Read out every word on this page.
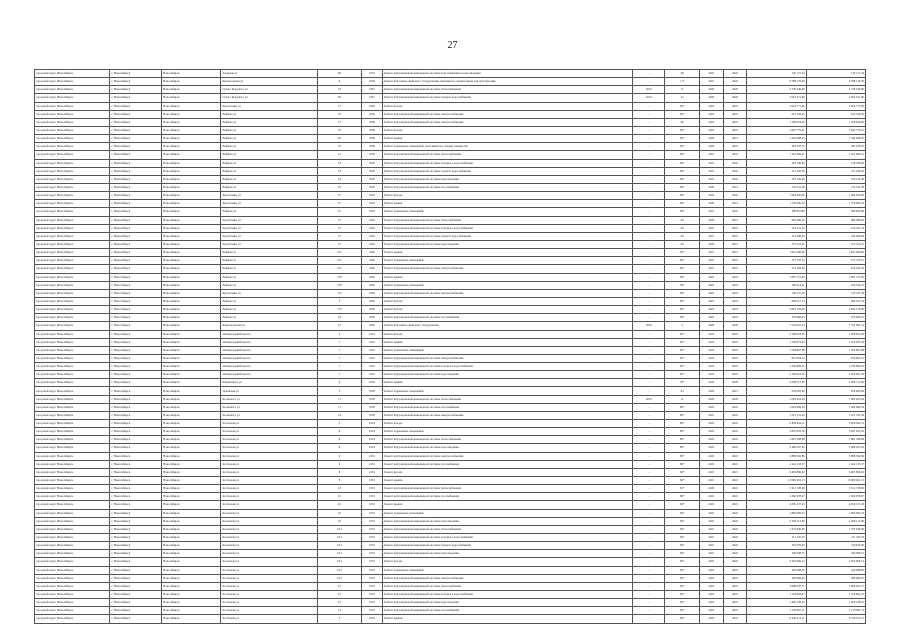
27
городской округ Новосибирск	г. Новосибирск	Новосибирск	Азовская ул	90	1953	Ремонт внутридомовой инженерной системы водоснабжения и водоотведения	-	60	2022	2022	130 177,24	130 177,24
городской округ Новосибирск	г. Новосибирск	Новосибирск	Краснообская ул	9	1959	Ремонт или замена лифтового оборудования, признанного непригодным для эксплуатации	-	11*	2021	2022	6 788 179,59	6 788 179,59
городской округ Новосибирск	г. Новосибирск	Новосибирск	Сухого Бердского ул	16	1967	Ремонт внутридомовой инженерной системы теплоснабжения	2019	11	2020	2020	4 739 540,00	4 739 540,00
городской округ Новосибирск	г. Новосибирск	Новосибирск	Сухого Бердского ул	60	1967	Ремонт внутридомовой инженерной системы горячего водоснабжения	2019	21	2020	2020	5 022 471,60	5 022 471,60
городской округ Новосибирск	г. Новосибирск	Новосибирск	Кропоткина ул	17	1948	Ремонт фасада	-	84*	2022	2022	2 924 771,00	2 924 771,00
городской округ Новосибирск	г. Новосибирск	Новосибирск	Войкова ул	25	1956	Ремонт внутридомовой инженерной системы электроснабжения	-	84*	2022	2022	612 356,45	612 356,45
городской округ Новосибирск	г. Новосибирск	Новосибирск	Войкова ул	17	1958	Ремонт внутридомовой инженерной системы электроснабжения	-	60	2022	2022	1 108 654,00	1 108 654,00
городской округ Новосибирск	г. Новосибирск	Новосибирск	Войкова ул	25	1958	Ремонт фасада	-	84*	2022	2022	1 645 779,21	1 645 779,21
городской округ Новосибирск	г. Новосибирск	Новосибирск	Войкова ул	26	1958	Ремонт крыши	-	84*	2020	2021	1 344 668,45	1 344 668,45
городской округ Новосибирск	г. Новосибирск	Новосибирск	Войкова ул	25	1958	Ремонт подвальных помещений, относящихся к общему имуществу	-	84*	2020	2022	283 478,76	283 478,76
городской округ Новосибирск	г. Новосибирск	Новосибирск	Войкова ул	21	1958	Ремонт внутридомовой инженерной системы теплоснабжения	-	84*	2021	2022	1 181 669,41	1 181 669,41
городской округ Новосибирск	г. Новосибирск	Новосибирск	Войкова ул	23	1958	Ремонт внутридомовой инженерной системы холодного водоснабжения	-	84*	2021	2022	218 766,90	218 766,90
городской округ Новосибирск	г. Новосибирск	Новосибирск	Войкова ул	23	1958	Ремонт внутридомовой инженерной системы горячего водоснабжения	-	84*	2021	2022	311 226,50	311 226,50
городской округ Новосибирск	г. Новосибирск	Новосибирск	Войкова ул	24	1958	Ремонт внутридомовой инженерной системы водоотведения	-	84*	2021	2022	379 120,49	379 120,49
городской округ Новосибирск	г. Новосибирск	Новосибирск	Войкова ул	25	1958	Ремонт внутридомовой инженерной системы газоснабжения	-	84*	2020	2021	132 541,38	132 541,38
городской округ Новосибирск	г. Новосибирск	Новосибирск	Кропоткина ул	27	1959	Ремонт фасада	-	84*	2022	2022	1 994 650,00	1 994 650,00
городской округ Новосибирск	г. Новосибирск	Новосибирск	Кропоткина ул	27	1959	Ремонт крыши	-	84*	2020	2021	1 756 606,32	1 756 606,32
городской округ Новосибирск	г. Новосибирск	Новосибирск	Войкова ул	27	1959	Ремонт подвальных помещений	-	84*	2021	2022	380 852,86	380 852,86
городской округ Новосибирск	г. Новосибирск	Новосибирск	Кропоткина ул	27	1959	Ремонт внутридомовой инженерной системы теплоснабжения	-	60	2020	2021	966 480,20	966 480,20
городской округ Новосибирск	г. Новосибирск	Новосибирск	Кропоткина ул	27	1959	Ремонт внутридомовой инженерной системы холодного водоснабжения	-	60	2022	2022	219 321,54	219 321,54
городской округ Новосибирск	г. Новосибирск	Новосибирск	Кропоткина ул	27	1959	Ремонт внутридомовой инженерной системы горячего водоснабжения	-	60	2021	2022	314 008,09	314 008,09
городской округ Новосибирск	г. Новосибирск	Новосибирск	Кропоткина ул	27	1959	Ремонт внутридомовой инженерной системы водоотведения	-	60	2020	2021	372 523,21	372 523,21
городской округ Новосибирск	г. Новосибирск	Новосибирск	Войкова ул	27а	1960	Ремонт крыши	-	30*	2021	2021	1 841 000,00	1 841 000,00
городской округ Новосибирск	г. Новосибирск	Новосибирск	Войкова ул	27а	1960	Ремонт подвальных помещений	-	84*	2022	2022	157 370,15	157 370,15
городской округ Новосибирск	г. Новосибирск	Новосибирск	Войкова ул	27а	1960	Ремонт внутридомовой инженерной системы электроснабжения	-	84*	2021	2022	274 183,92	274 183,92
городской округ Новосибирск	г. Новосибирск	Новосибирск	Войкова ул	27б	1956	Ремонт крыши	-	84*	2022	2022	1 087 751,90	1 087 751,90
городской округ Новосибирск	г. Новосибирск	Новосибирск	Войкова ул	27б	1956	Ремонт подвальных помещений	-	30*	2022	2022	100 614,21	100 614,21
городской округ Новосибирск	г. Новосибирск	Новосибирск	Кропоткина ул	17а	1948	Ремонт внутридомовой инженерной системы электроснабжения	-	84*	2022	2022	130 337,39	130 337,39
городской округ Новосибирск	г. Новосибирск	Новосибирск	Войкова ул	5	1956	Ремонт фасада	-	60*	2021	2022	609 017,74	609 017,74
городской округ Новосибирск	г. Новосибирск	Новосибирск	Войкова ул	17б	1958	Ремонт фасада	-	60*	2023	2023	2 843 178,00	2 843 178,00
городской округ Новосибирск	г. Новосибирск	Новосибирск	Войкова ул	18	1958	Ремонт внутридомовой инженерной системы газоснабжения	-	84*	2022	2022	479 666,25	479 666,25
городской округ Новосибирск	г. Новосибирск	Новосибирск	Комсомольская ул	21	1956	Ремонт или замена лифтового оборудования	2020	5	2020	2020	7 532 091,14	7 532 091,14
городской округ Новосибирск	г. Новосибирск	Новосибирск	Ленинградский проезд	5	1953	Ремонт фасада	-	65*	2022	2022	2 708 953,00	2 708 953,00
городской округ Новосибирск	г. Новосибирск	Новосибирск	Ленинградский проезд	7	1952	Ремонт крыши	-	65*	2022	2022	1 109 875,43	1 109 875,43
городской округ Новосибирск	г. Новосибирск	Новосибирск	Ленинградский проезд	7	1952	Ремонт подвальных помещений	-	65*	2022	2022	1 504 867,68	1 504 867,68
городской округ Новосибирск	г. Новосибирск	Новосибирск	Ленинградский проезд	7	1952	Ремонт внутридомовой инженерной системы электроснабжения	-	65*	2022	2022	816 603,12	816 603,12
городской округ Новосибирск	г. Новосибирск	Новосибирск	Ленинградский проезд	7	1952	Ремонт внутридомовой инженерной системы холодного водоснабжения	-	65*	2022	2022	1 230 809,19	1 230 809,19
городской округ Новосибирск	г. Новосибирск	Новосибирск	Ленинградский проезд	7	1952	Ремонт внутридомовой инженерной системы водоотведения	-	65*	2022	2022	2 169 991,39	2 169 991,39
городской округ Новосибирск	г. Новосибирск	Новосибирск	Карпинского ул	9	1956	Ремонт крыши	-	30*	2020	2020	4 508 717,00	4 508 717,00
городской округ Новосибирск	г. Новосибирск	Новосибирск	Деповская ул	5	1956	Ремонт подвальных помещений	-	65	2020	2021	639 002,00	639 002,00
городской округ Новосибирск	г. Новосибирск	Новосибирск	Котовского ул	17	1958	Ремонт внутридомовой инженерной системы теплоснабжения	2019	11	2020	2020	1 083 423,29	1 083 423,29
городской округ Новосибирск	г. Новосибирск	Новосибирск	Котовского ул	17	1958	Ремонт внутридомовой инженерной системы газоснабжения	-	60*	2022	2022	1 694 689,59	1 694 689,59
городской округ Новосибирск	г. Новосибирск	Новосибирск	Котовского ул	19	1958	Ремонт внутридомовой инженерной системы электроснабжения	-	60*	2021	2022	1 251 331,42	1 251 331,42
городской округ Новосибирск	г. Новосибирск	Новосибирск	Костычева ул	5	1954	Ремонт фасада	-	84*	2022	2022	9 856 922,11	9 856 922,11
городской округ Новосибирск	г. Новосибирск	Новосибирск	Костычева ул	6	1954	Ремонт подвальных помещений	-	84*	2022	2022	3 847 825,50	3 847 825,50
городской округ Новосибирск	г. Новосибирск	Новосибирск	Костычева ул	6	1954	Ремонт внутридомовой инженерной системы теплоснабжения	-	80*	2022	2022	1 891 398,68	1 891 398,68
городской округ Новосибирск	г. Новосибирск	Новосибирск	Костычева ул	6	1954	Ремонт внутридомовой инженерной системы водоотведения	-	80*	2022	2022	2 486 297,62	2 486 297,62
городской округ Новосибирск	г. Новосибирск	Новосибирск	Костычева ул	6	1954	Ремонт внутридомовой инженерной системы электроснабжения	-	80*	2022	2022	5 888 392,86	5 888 392,86
городской округ Новосибирск	г. Новосибирск	Новосибирск	Костычева ул	6	1954	Ремонт внутридомовой инженерной системы газоснабжения	-	80*	2022	2022	1 442 133,37	1 442 133,37
городской округ Новосибирск	г. Новосибирск	Новосибирск	Костычева ул	8	1954	Ремонт фасада	-	84*	2021	2021	9 465 866,62	9 465 866,62
городской округ Новосибирск	г. Новосибирск	Новосибирск	Костычева ул	8	1953	Ремонт крыши	-	84*	2021	2022	13 000 491,13	13 000 491,13
городской округ Новосибирск	г. Новосибирск	Новосибирск	Костычева ул	10	1953	Ремонт внутридомовой инженерной системы теплоснабжения	-	81*	2020	2022	5 911 728,69	5 911 728,69
городской округ Новосибирск	г. Новосибирск	Новосибирск	Костычева ул	10	1953	Ремонт внутридомовой инженерной системы газоснабжения	-	80*	2021	2022	1 360 978,67	1 360 978,67
городской округ Новосибирск	г. Новосибирск	Новосибирск	Костычева ул	10	1953	Ремонт крыши	-	84*	2022	2022	4 659 137,43	4 659 137,43
городской округ Новосибирск	г. Новосибирск	Новосибирск	Костычева ул	10	1953	Ремонт подвальных помещений	-	84*	2022	2022	1 866 669,33	1 866 669,33
городской округ Новосибирск	г. Новосибирск	Новосибирск	Костычева ул	10	1953	Ремонт внутридомовой инженерной системы водоотведения	-	84*	2022	2022	2 206 117,00	2 206 117,00
городской округ Новосибирск	г. Новосибирск	Новосибирск	Костычева ул	10/1	1953	Ремонт внутридомовой инженерной системы теплоснабжения	-	84*	2021	2022	1 275 930,96	1 275 930,96
городской округ Новосибирск	г. Новосибирск	Новосибирск	Костычева ул	10/1	1953	Ремонт внутридомовой инженерной системы холодного водоснабжения	-	84*	2021	2022	211 345,70	211 345,70
городской округ Новосибирск	г. Новосибирск	Новосибирск	Костычева ул	10/1	1953	Ремонт внутридомовой инженерной системы горячего водоснабжения	-	84*	2021	2022	310 679,20	310 679,20
городской округ Новосибирск	г. Новосибирск	Новосибирск	Костычева ул	10/1	1953	Ремонт внутридомовой инженерной системы водоотведения	-	84*	2021	2022	340 008,75	340 008,75
городской округ Новосибирск	г. Новосибирск	Новосибирск	Костычева ул	10/1	1953	Ремонт фасада	-	84*	2022	2022	2 292 606,14	2 292 606,14
городской округ Новосибирск	г. Новосибирск	Новосибирск	Костычева ул	10/1	1953	Ремонт подвальных помещений	-	84*	2022	2022	420 098,00	420 098,00
городской округ Новосибирск	г. Новосибирск	Новосибирск	Костычева ул	10/1	1953	Ремонт внутридомовой инженерной системы электроснабжения	-	84*	2022	2022	309 682,05	309 682,05
городской округ Новосибирск	г. Новосибирск	Новосибирск	Костычева ул	12	1953	Ремонт внутридомовой инженерной системы теплоснабжения	-	84*	2022	2022	3 608 935,71	3 608 935,71
городской округ Новосибирск	г. Новосибирск	Новосибирск	Костычева ул	12	1953	Ремонт внутридомовой инженерной системы холодного водоснабжения	-	84*	2022	2022	1 154 892,47	1 154 892,47
городской округ Новосибирск	г. Новосибирск	Новосибирск	Костычева ул	12	1953	Ремонт внутридомовой инженерной системы водоотведения	-	84*	2022	2022	1 400 128,22	1 400 128,22
городской округ Новосибирск	г. Новосибирск	Новосибирск	Костычева ул	14	1953	Ремонт внутридомовой инженерной системы газоснабжения	-	84*	2022	2022	1 150 987,11	1 150 987,11
городской округ Новосибирск	г. Новосибирск	Новосибирск	Костычева ул	5	1954	Ремонт крыши	-	84*	2022	2022	9 530 013,11	9 530 013,11
